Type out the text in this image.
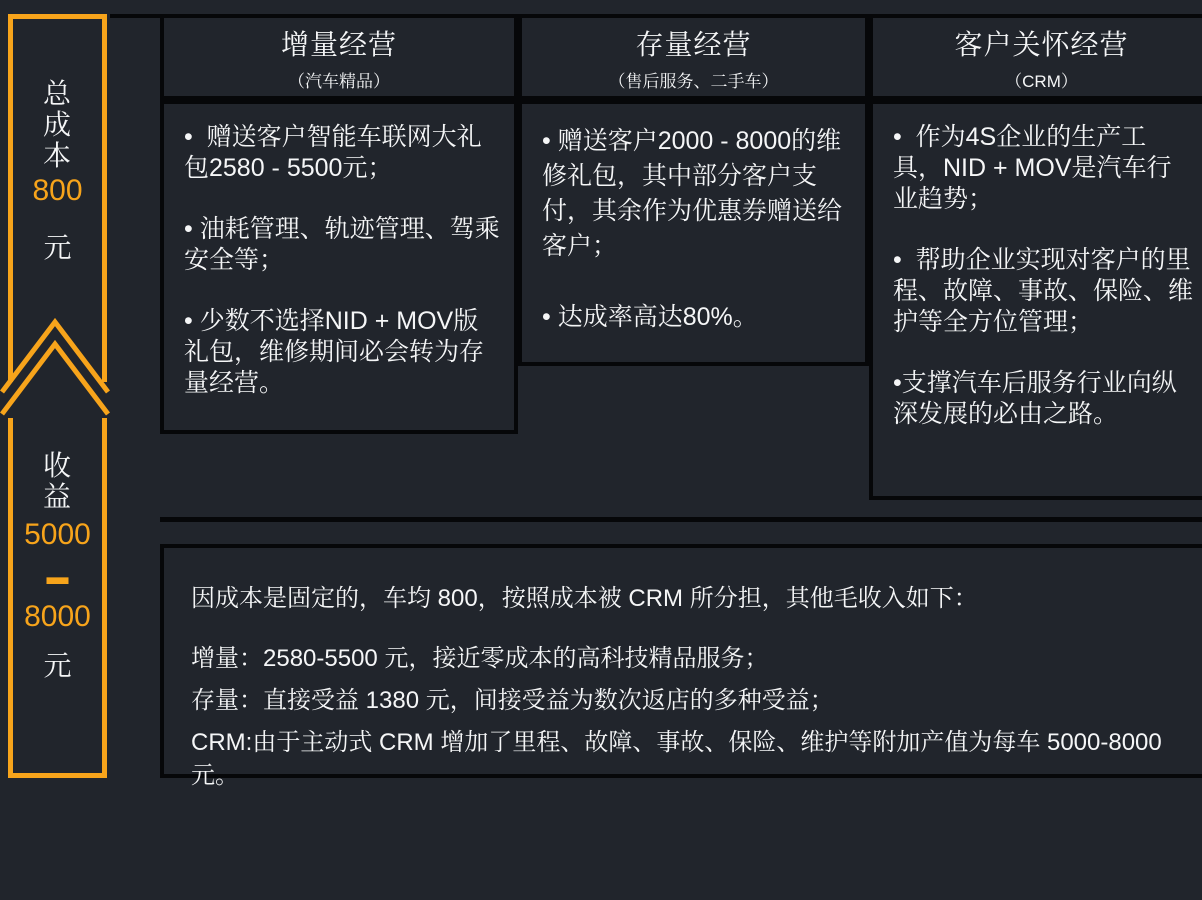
总成本
800
元
收益
5000
▬
8000
元
增量经营
（汽车精品）

•  赠送客户智能车联网大礼包2580 - 5500元；

• 油耗管理、轨迹管理、驾乘安全等；

• 少数不选择NID + MOV版礼包，维修期间必会转为存量经营。

存量经营
（售后服务、二手车）

• 赠送客户2000 - 8000的维修礼包，其中部分客户支付，其余作为优惠券赠送给客户；

• 达成率高达80%。

客户关怀经营
（CRM）

•  作为4S企业的生产工具，NID + MOV是汽车行业趋势；

•  帮助企业实现对客户的里程、故障、事故、保险、维护等全方位管理；

•支撑汽车后服务行业向纵深发展的必由之路。

因成本是固定的，车均 800，按照成本被 CRM 所分担，其他毛收入如下：

增量：2580-5500 元，接近零成本的高科技精品服务；

存量：直接受益 1380 元，间接受益为数次返店的多种受益；

CRM:由于主动式 CRM 增加了里程、故障、事故、保险、维护等附加产值为每车 5000-8000 元。
